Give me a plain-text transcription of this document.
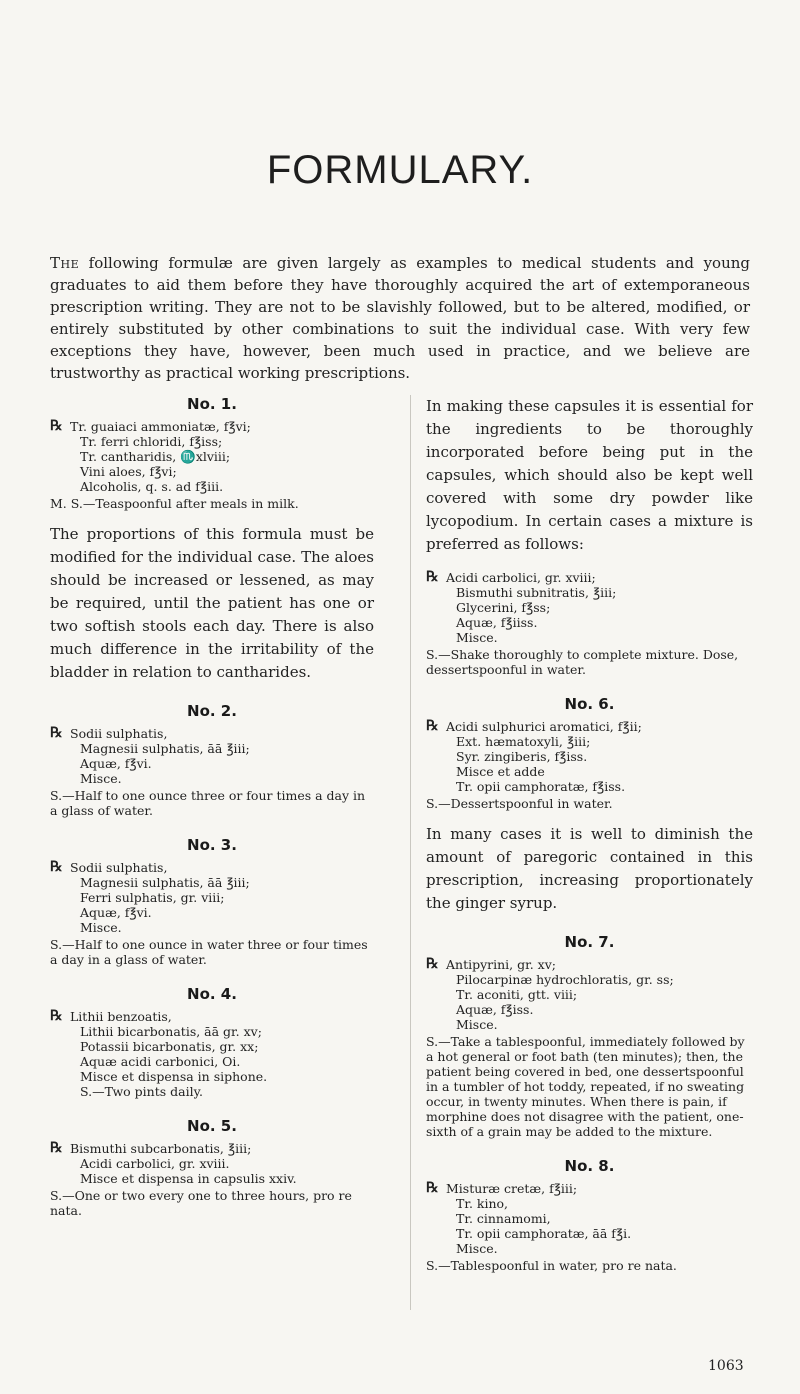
FORMULARY.

The following formulæ are given largely as examples to medical students and young graduates to aid them before they have thoroughly acquired the art of extemporaneous prescription writing. They are not to be slavishly followed, but to be altered, modified, or entirely substituted by other combinations to suit the individual case. With very few exceptions they have, however, been much used in practice, and we believe are trustworthy as practical working prescriptions.

No. 1.

℞ Tr. guaiaci ammoniatæ, f℥vi;
Tr. ferri chloridi, f℥iss;
Tr. cantharidis, ♏xlviii;
Vini aloes, f℥vi;
Alcoholis, q. s. ad f℥iii.

M. S.—Teaspoonful after meals in milk.

The proportions of this formula must be modified for the individual case. The aloes should be increased or lessened, as may be required, until the patient has one or two softish stools each day. There is also much difference in the irritability of the bladder in relation to cantharides.

No. 2.

℞ Sodii sulphatis,
Magnesii sulphatis, āā ℥iii;
Aquæ, f℥vi.
Misce.

S.—Half to one ounce three or four times a day in a glass of water.

No. 3.

℞ Sodii sulphatis,
Magnesii sulphatis, āā ℥iii;
Ferri sulphatis, gr. viii;
Aquæ, f℥vi.
Misce.

S.—Half to one ounce in water three or four times a day in a glass of water.

No. 4.

℞ Lithii benzoatis,
Lithii bicarbonatis, āā gr. xv;
Potassii bicarbonatis, gr. xx;
Aquæ acidi carbonici, Oi.
Misce et dispensa in siphone.
S.—Two pints daily.

No. 5.

℞ Bismuthi subcarbonatis, ℥iii;
Acidi carbolici, gr. xviii.
Misce et dispensa in capsulis xxiv.

S.—One or two every one to three hours, pro re nata.

In making these capsules it is essential for the ingredients to be thoroughly incorporated before being put in the capsules, which should also be kept well covered with some dry powder like lycopodium. In certain cases a mixture is preferred as follows:

℞ Acidi carbolici, gr. xviii;
Bismuthi subnitratis, ℥iii;
Glycerini, f℥ss;
Aquæ, f℥iiss.
Misce.

S.—Shake thoroughly to complete mixture. Dose, dessertspoonful in water.

No. 6.

℞ Acidi sulphurici aromatici, f℥ii;
Ext. hæmatoxyli, ℥iii;
Syr. zingiberis, f℥iss.
Misce et adde
Tr. opii camphoratæ, f℥iss.

S.—Dessertspoonful in water.

In many cases it is well to diminish the amount of paregoric contained in this prescription, increasing proportionately the ginger syrup.

No. 7.

℞ Antipyrini, gr. xv;
Pilocarpinæ hydrochloratis, gr. ss;
Tr. aconiti, gtt. viii;
Aquæ, f℥iss.
Misce.

S.—Take a tablespoonful, immediately followed by a hot general or foot bath (ten minutes); then, the patient being covered in bed, one dessertspoonful in a tumbler of hot toddy, repeated, if no sweating occur, in twenty minutes. When there is pain, if morphine does not disagree with the patient, one-sixth of a grain may be added to the mixture.

No. 8.

℞ Misturæ cretæ, f℥iii;
Tr. kino,
Tr. cinnamomi,
Tr. opii camphoratæ, āā f℥i.
Misce.

S.—Tablespoonful in water, pro re nata.

1063
